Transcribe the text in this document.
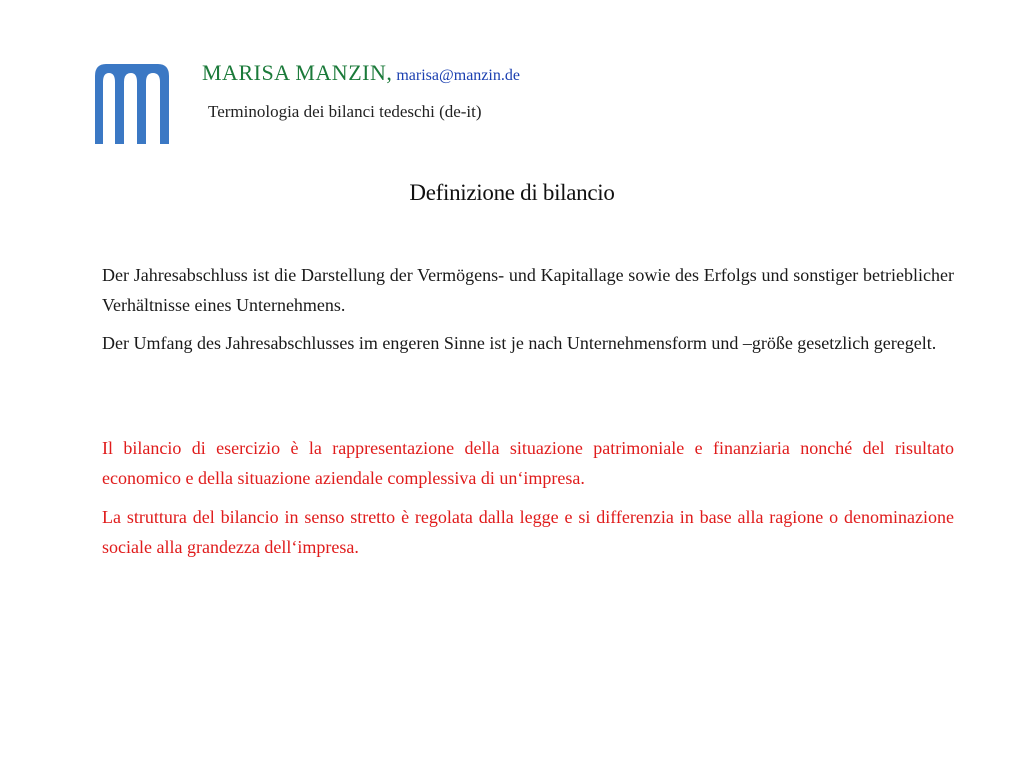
MARISA MANZIN, marisa@manzin.de
Terminologia dei bilanci tedeschi (de-it)
Definizione di bilancio

Der Jahresabschluss ist die Darstellung der Vermögens- und Kapitallage sowie des Erfolgs und sonstiger betrieblicher Verhältnisse eines Unternehmens.

Der Umfang des Jahresabschlusses im engeren Sinne ist je nach Unternehmensform und –größe gesetzlich geregelt.

Il bilancio di esercizio è la rappresentazione della situazione patrimoniale e finanziaria nonché del risultato economico e della situazione aziendale complessiva di un‘impresa.

La struttura del bilancio in senso stretto è regolata dalla legge e si differenzia in base alla ragione o denominazione sociale alla grandezza dell‘impresa.
